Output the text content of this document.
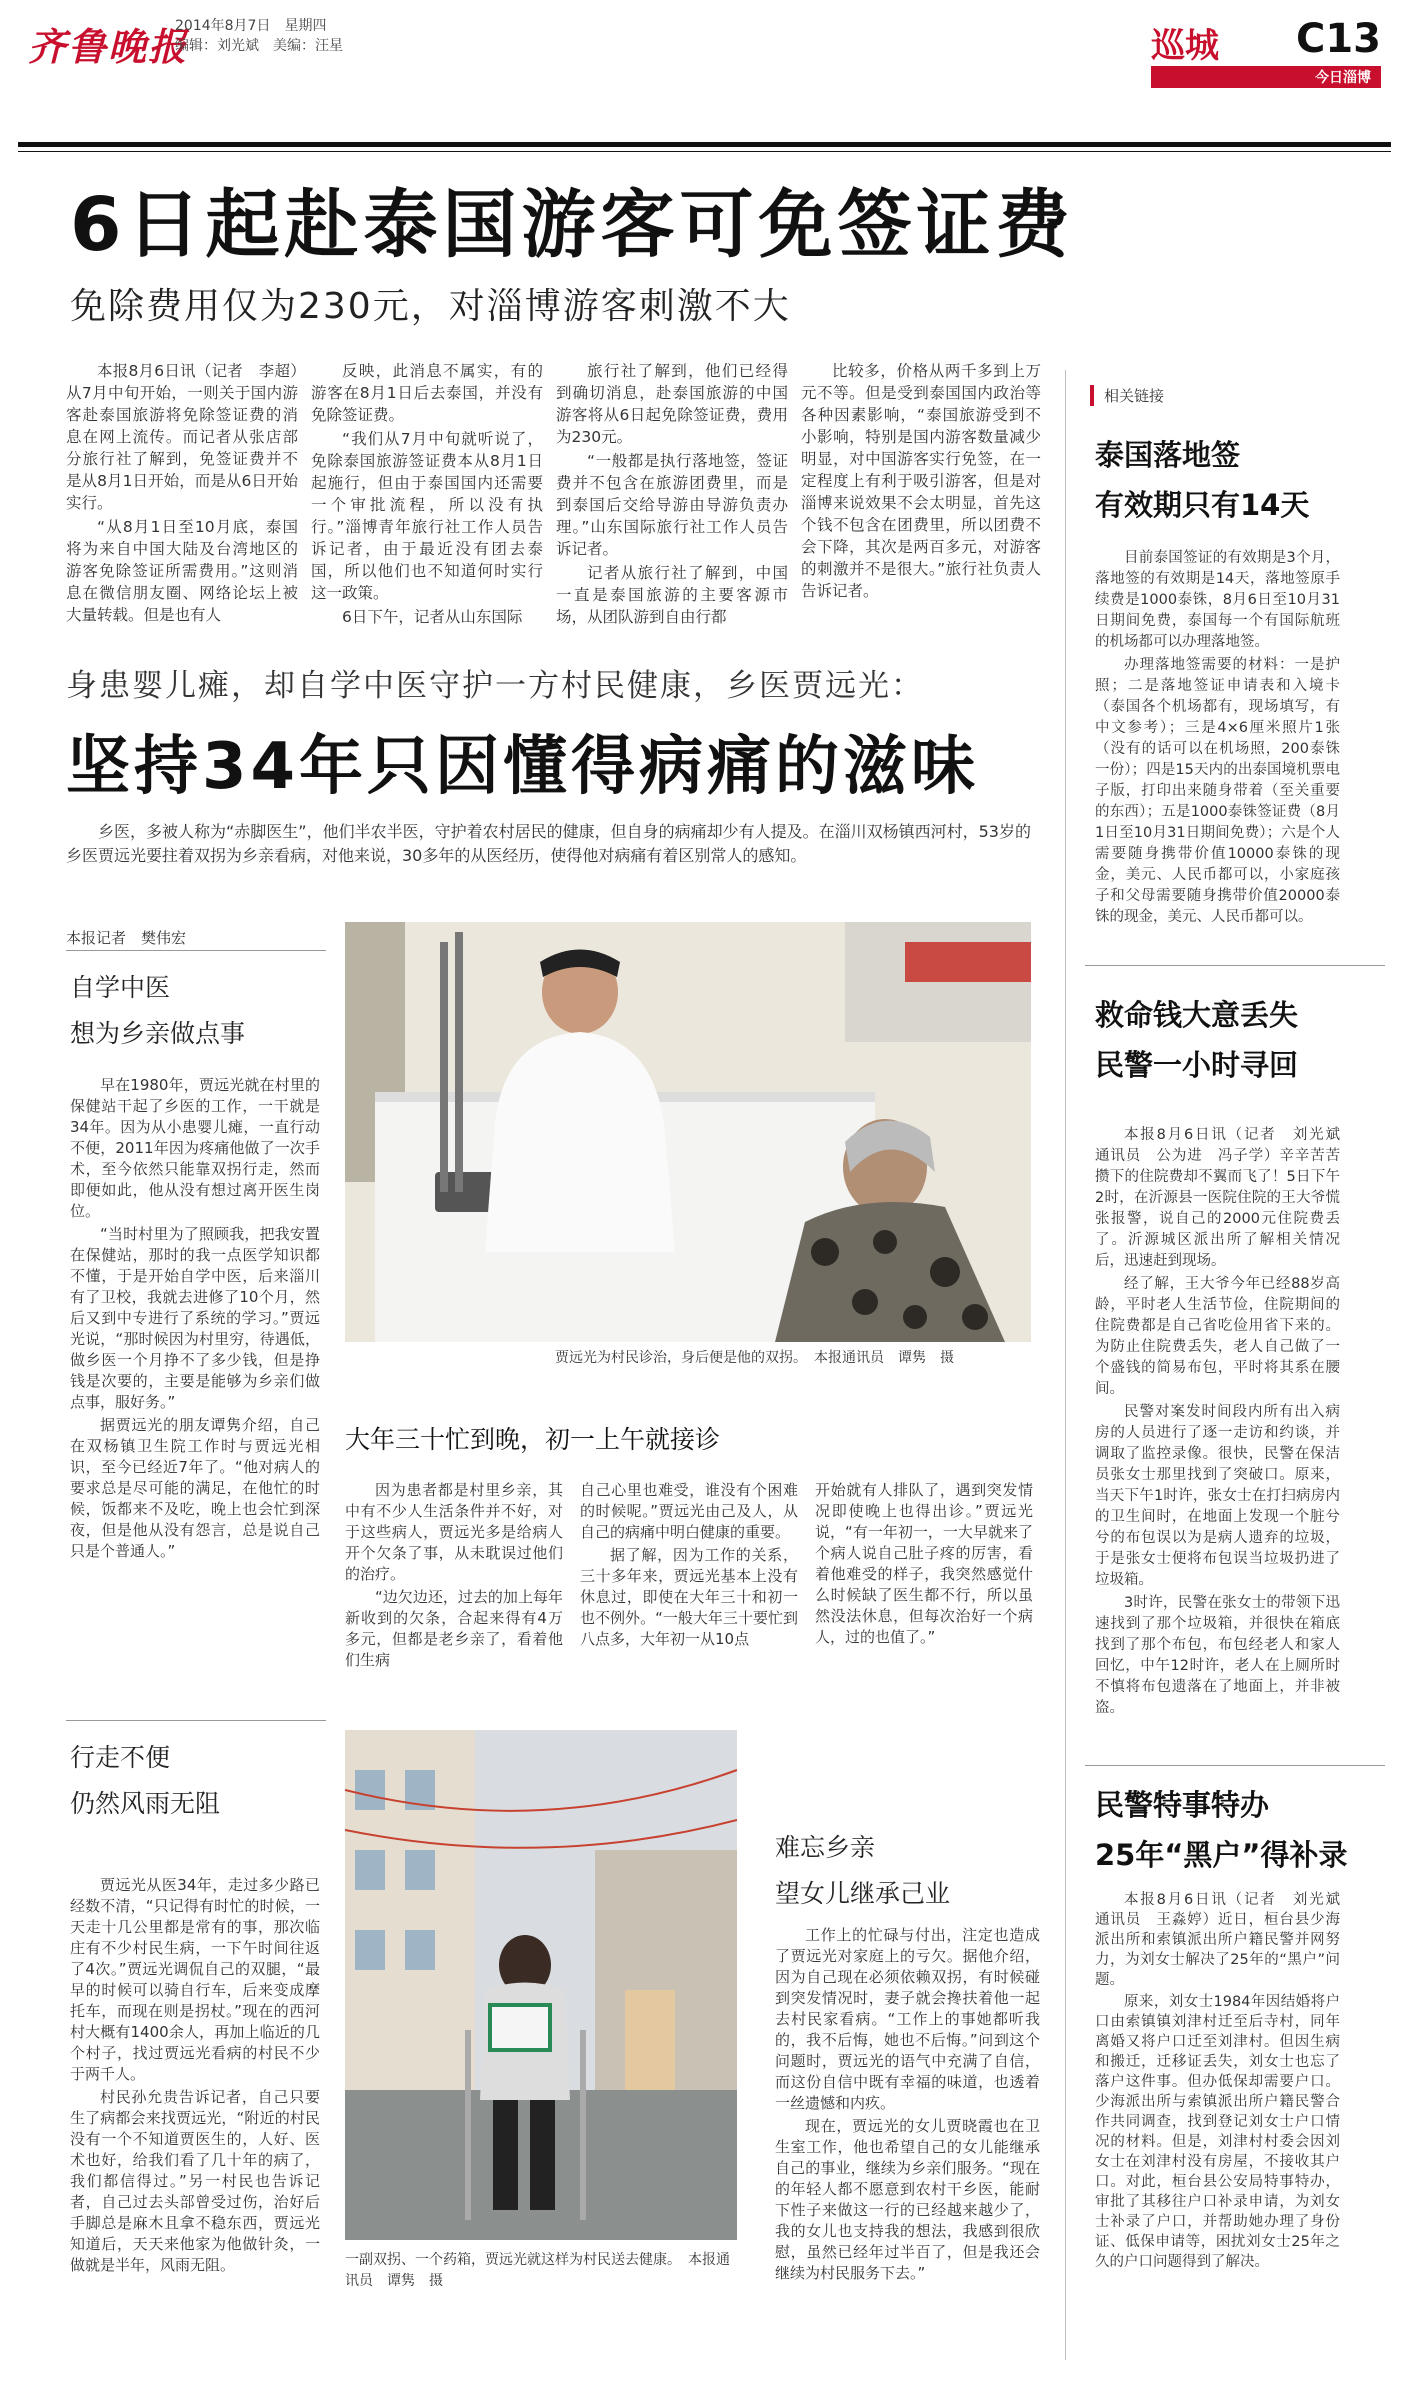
齐鲁晚报
2014年8月7日 星期四
编辑：刘光斌 美编：汪星	巡城 C13
今日淄博
6日起赴泰国游客可免签证费
免除费用仅为230元，对淄博游客刺激不大

本报8月6日讯（记者　李超）从7月中旬开始，一则关于国内游客赴泰国旅游将免除签证费的消息在网上流传。而记者从张店部分旅行社了解到，免签证费并不是从8月1日开始，而是从6日开始实行。

“从8月1日至10月底，泰国将为来自中国大陆及台湾地区的游客免除签证所需费用。”这则消息在微信朋友圈、网络论坛上被大量转载。但是也有人

反映，此消息不属实，有的游客在8月1日后去泰国，并没有免除签证费。

“我们从7月中旬就听说了，免除泰国旅游签证费本从8月1日起施行，但由于泰国国内还需要一个审批流程，所以没有执行。”淄博青年旅行社工作人员告诉记者，由于最近没有团去泰国，所以他们也不知道何时实行这一政策。

6日下午，记者从山东国际

旅行社了解到，他们已经得到确切消息，赴泰国旅游的中国游客将从6日起免除签证费，费用为230元。

“一般都是执行落地签，签证费并不包含在旅游团费里，而是到泰国后交给导游由导游负责办理。”山东国际旅行社工作人员告诉记者。

记者从旅行社了解到，中国一直是泰国旅游的主要客源市场，从团队游到自由行都

比较多，价格从两千多到上万元不等。但是受到泰国国内政治等各种因素影响，“泰国旅游受到不小影响，特别是国内游客数量减少明显，对中国游客实行免签，在一定程度上有利于吸引游客，但是对淄博来说效果不会太明显，首先这个钱不包含在团费里，所以团费不会下降，其次是两百多元，对游客的刺激并不是很大。”旅行社负责人告诉记者。

相关链接
泰国落地签
有效期只有14天

目前泰国签证的有效期是3个月，落地签的有效期是14天，落地签原手续费是1000泰铢，8月6日至10月31日期间免费，泰国每一个有国际航班的机场都可以办理落地签。

办理落地签需要的材料：一是护照；二是落地签证申请表和入境卡（泰国各个机场都有，现场填写，有中文参考）；三是4×6厘米照片1张（没有的话可以在机场照，200泰铢一份）；四是15天内的出泰国境机票电子版，打印出来随身带着（至关重要的东西）；五是1000泰铢签证费（8月1日至10月31日期间免费）；六是个人需要随身携带价值10000泰铢的现金，美元、人民币都可以，小家庭孩子和父母需要随身携带价值20000泰铢的现金，美元、人民币都可以。

救命钱大意丢失
民警一小时寻回

本报8月6日讯（记者　刘光斌　通讯员　公为进　冯子学）辛辛苦苦攒下的住院费却不翼而飞了！5日下午2时，在沂源县一医院住院的王大爷慌张报警，说自己的2000元住院费丢了。沂源城区派出所了解相关情况后，迅速赶到现场。

经了解，王大爷今年已经88岁高龄，平时老人生活节俭，住院期间的住院费都是自己省吃俭用省下来的。为防止住院费丢失，老人自己做了一个盛钱的简易布包，平时将其系在腰间。

民警对案发时间段内所有出入病房的人员进行了逐一走访和约谈，并调取了监控录像。很快，民警在保洁员张女士那里找到了突破口。原来，当天下午1时许，张女士在打扫病房内的卫生间时，在地面上发现一个脏兮兮的布包误以为是病人遗弃的垃圾，于是张女士便将布包误当垃圾扔进了垃圾箱。

3时许，民警在张女士的带领下迅速找到了那个垃圾箱，并很快在箱底找到了那个布包，布包经老人和家人回忆，中午12时许，老人在上厕所时不慎将布包遗落在了地面上，并非被盗。

民警特事特办
25年“黑户”得补录

本报8月6日讯（记者　刘光斌　通讯员　王淼婷）近日，桓台县少海派出所和索镇派出所户籍民警并网努力，为刘女士解决了25年的“黑户”问题。

原来，刘女士1984年因结婚将户口由索镇镇刘津村迁至后寺村，同年离婚又将户口迁至刘津村。但因生病和搬迁，迁移证丢失，刘女士也忘了落户这件事。但办低保却需要户口。少海派出所与索镇派出所户籍民警合作共同调查，找到登记刘女士户口情况的材料。但是，刘津村村委会因刘女士在刘津村没有房屋，不接收其户口。对此，桓台县公安局特事特办，审批了其移往户口补录申请，为刘女士补录了户口，并帮助她办理了身份证、低保申请等，困扰刘女士25年之久的户口问题得到了解决。

身患婴儿瘫，却自学中医守护一方村民健康，乡医贾远光：
坚持34年只因懂得病痛的滋味
乡医，多被人称为“赤脚医生”，他们半农半医，守护着农村居民的健康，但自身的病痛却少有人提及。在淄川双杨镇西河村，53岁的乡医贾远光要拄着双拐为乡亲看病，对他来说，30多年的从医经历，使得他对病痛有着区别常人的感知。
本报记者　樊伟宏
自学中医
想为乡亲做点事

早在1980年，贾远光就在村里的保健站干起了乡医的工作，一干就是34年。因为从小患婴儿瘫，一直行动不便，2011年因为疼痛他做了一次手术，至今依然只能靠双拐行走，然而即便如此，他从没有想过离开医生岗位。

“当时村里为了照顾我，把我安置在保健站，那时的我一点医学知识都不懂，于是开始自学中医，后来淄川有了卫校，我就去进修了10个月，然后又到中专进行了系统的学习。”贾远光说，“那时候因为村里穷，待遇低，做乡医一个月挣不了多少钱，但是挣钱是次要的，主要是能够为乡亲们做点事，服好务。”

据贾远光的朋友谭隽介绍，自己在双杨镇卫生院工作时与贾远光相识，至今已经近7年了。“他对病人的要求总是尽可能的满足，在他忙的时候，饭都来不及吃，晚上也会忙到深夜，但是他从没有怨言，总是说自己只是个普通人。”

贾远光为村民诊治，身后便是他的双拐。　本报通讯员　谭隽　摄
大年三十忙到晚，初一上午就接诊

因为患者都是村里乡亲，其中有不少人生活条件并不好，对于这些病人，贾远光多是给病人开个欠条了事，从未耽误过他们的治疗。

“边欠边还，过去的加上每年新收到的欠条，合起来得有4万多元，但都是老乡亲了，看着他们生病

自己心里也难受，谁没有个困难的时候呢。”贾远光由己及人，从自己的病痛中明白健康的重要。

据了解，因为工作的关系，三十多年来，贾远光基本上没有休息过，即使在大年三十和初一也不例外。“一般大年三十要忙到八点多，大年初一从10点

开始就有人排队了，遇到突发情况即使晚上也得出诊。”贾远光说，“有一年初一，一大早就来了个病人说自己肚子疼的厉害，看着他难受的样子，我突然感觉什么时候缺了医生都不行，所以虽然没法休息，但每次治好一个病人，过的也值了。”

行走不便
仍然风雨无阻

贾远光从医34年，走过多少路已经数不清，“只记得有时忙的时候，一天走十几公里都是常有的事，那次临庄有不少村民生病，一下午时间往返了4次。”贾远光调侃自己的双腿，“最早的时候可以骑自行车，后来变成摩托车，而现在则是拐杖。”现在的西河村大概有1400余人，再加上临近的几个村子，找过贾远光看病的村民不少于两千人。

村民孙允贵告诉记者，自己只要生了病都会来找贾远光，“附近的村民没有一个不知道贾医生的，人好、医术也好，给我们看了几十年的病了，我们都信得过。”另一村民也告诉记者，自己过去头部曾受过伤，治好后手脚总是麻木且拿不稳东西，贾远光知道后，天天来他家为他做针灸，一做就是半年，风雨无阻。	一副双拐、一个药箱，贾远光就这样为村民送去健康。　本报通讯员　谭隽　摄
难忘乡亲
望女儿继承己业

工作上的忙碌与付出，注定也造成了贾远光对家庭上的亏欠。据他介绍，因为自己现在必须依赖双拐，有时候碰到突发情况时，妻子就会搀扶着他一起去村民家看病。“工作上的事她都听我的，我不后悔，她也不后悔。”问到这个问题时，贾远光的语气中充满了自信，而这份自信中既有幸福的味道，也透着一丝遗憾和内疚。

现在，贾远光的女儿贾晓霞也在卫生室工作，他也希望自己的女儿能继承自己的事业，继续为乡亲们服务。“现在的年轻人都不愿意到农村干乡医，能耐下性子来做这一行的已经越来越少了，我的女儿也支持我的想法，我感到很欣慰，虽然已经年过半百了，但是我还会继续为村民服务下去。”
